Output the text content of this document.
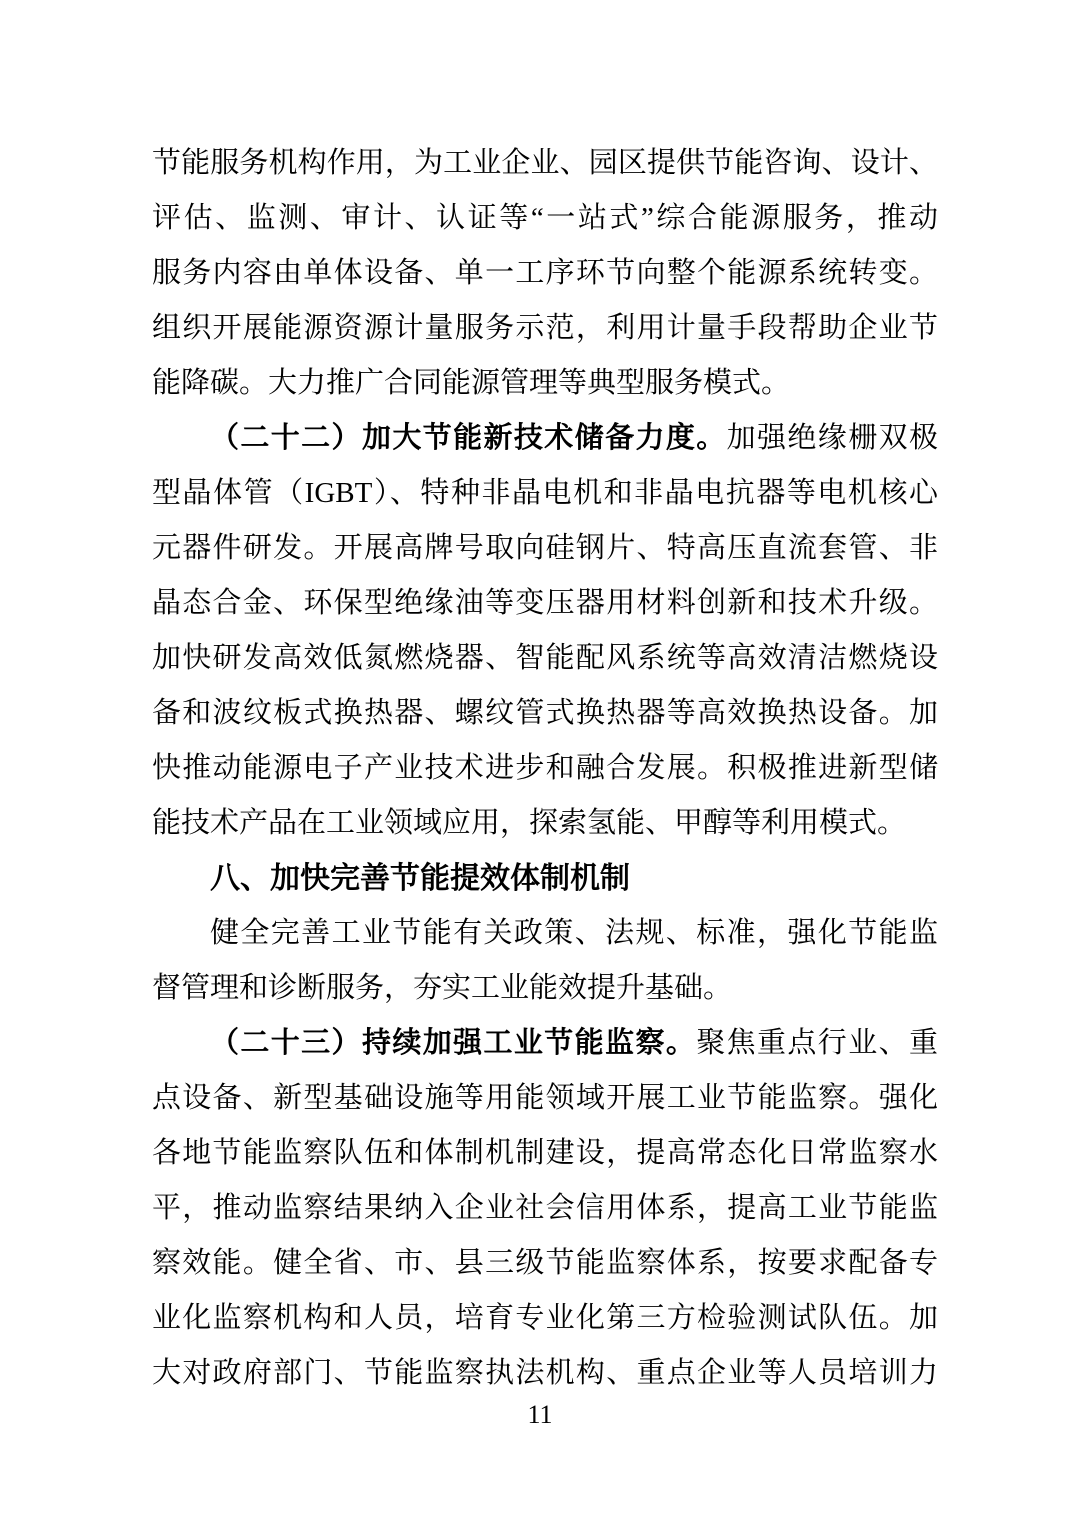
节能服务机构作用，为工业企业、园区提供节能咨询、设计、
评估、监测、审计、认证等“一站式”综合能源服务，推动
服务内容由单体设备、单一工序环节向整个能源系统转变。
组织开展能源资源计量服务示范，利用计量手段帮助企业节
能降碳。大力推广合同能源管理等典型服务模式。
（二十二）加大节能新技术储备力度。加强绝缘栅双极
型晶体管（IGBT）、特种非晶电机和非晶电抗器等电机核心
元器件研发。开展高牌号取向硅钢片、特高压直流套管、非
晶态合金、环保型绝缘油等变压器用材料创新和技术升级。
加快研发高效低氮燃烧器、智能配风系统等高效清洁燃烧设
备和波纹板式换热器、螺纹管式换热器等高效换热设备。加
快推动能源电子产业技术进步和融合发展。积极推进新型储
能技术产品在工业领域应用，探索氢能、甲醇等利用模式。
八、加快完善节能提效体制机制
健全完善工业节能有关政策、法规、标准，强化节能监
督管理和诊断服务，夯实工业能效提升基础。
（二十三）持续加强工业节能监察。聚焦重点行业、重
点设备、新型基础设施等用能领域开展工业节能监察。强化
各地节能监察队伍和体制机制建设，提高常态化日常监察水
平，推动监察结果纳入企业社会信用体系，提高工业节能监
察效能。健全省、市、县三级节能监察体系，按要求配备专
业化监察机构和人员，培育专业化第三方检验测试队伍。加
大对政府部门、节能监察执法机构、重点企业等人员培训力
11
